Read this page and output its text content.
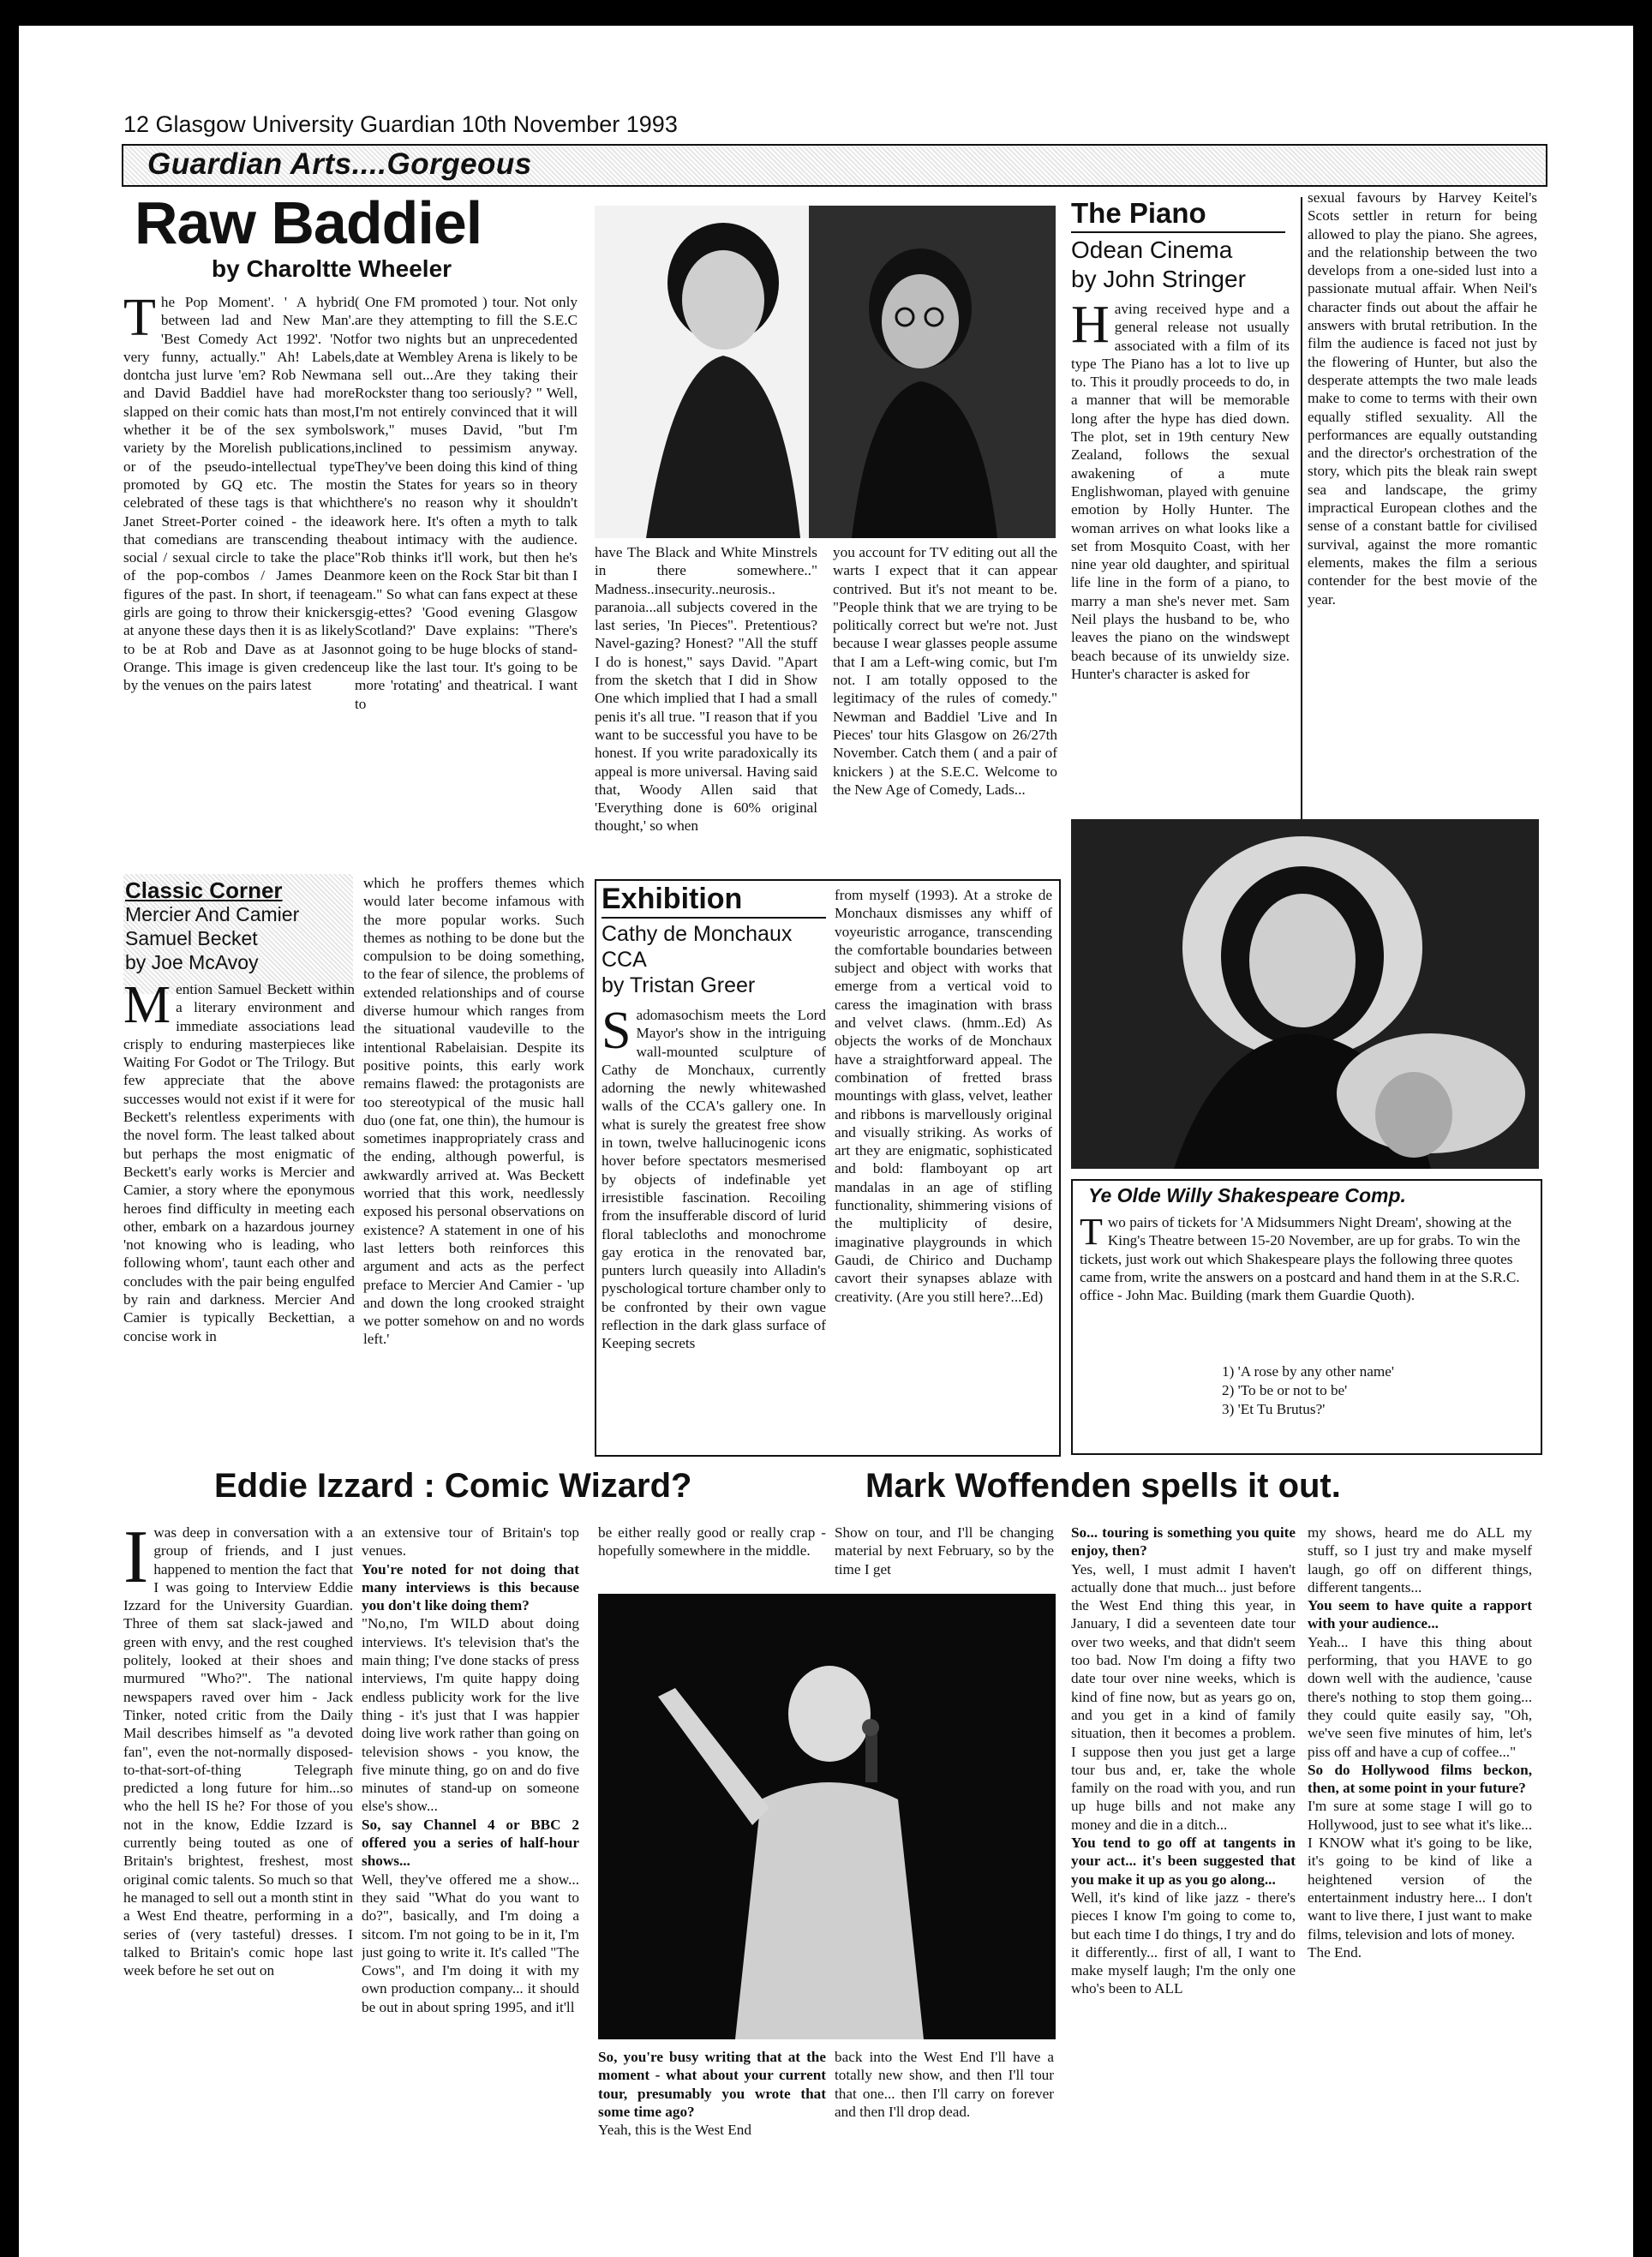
12 Glasgow University Guardian 10th November 1993
Guardian Arts....Gorgeous
Raw Baddiel
by Charoltte Wheeler
The Pop Moment'. ' A hybrid between lad and New Man'. 'Best Comedy Act 1992'. 'Not very funny, actually." Ah! Labels, dontcha just lurve 'em? Rob Newman and David Baddiel have had more slapped on their comic hats than most, whether it be of the sex symbols variety by the Morelish publications, or of the pseudo-intellectual type promoted by GQ etc. The most celebrated of these tags is that which Janet Street-Porter coined - the idea that comedians are transcending the social / sexual circle to take the place of the pop-combos / James Dean figures of the past. In short, if teenage girls are going to throw their knickers at anyone these days then it is as likely to be at Rob and Dave as at Jason Orange. This image is given credence by the venues on the pairs latest
( One FM promoted ) tour. Not only are they attempting to fill the S.E.C for two nights but an unprecedented date at Wembley Arena is likely to be a sell out...Are they taking their Rockster thang too seriously? " Well, I'm not entirely convinced that it will work," muses David, "but I'm inclined to pessimism anyway. They've been doing this kind of thing in the States for years so in theory there's no reason why it shouldn't work here. It's often a myth to talk about intimacy with the audience. "Rob thinks it'll work, but then he's more keen on the Rock Star bit than I am." So what can fans expect at these gig-ettes? 'Good evening Glasgow Scotland?' Dave explains: "There's not going to be huge blocks of stand-up like the last tour. It's going to be more 'rotating' and theatrical. I want to
have The Black and White Minstrels in there somewhere.." Madness..insecurity..neurosis.. paranoia...all subjects covered in the last series, 'In Pieces". Pretentious? Navel-gazing? Honest? "All the stuff I do is honest," says David. "Apart from the sketch that I did in Show One which implied that I had a small penis it's all true. "I reason that if you want to be successful you have to be honest. If you write paradoxically its appeal is more universal. Having said that, Woody Allen said that 'Everything done is 60% original thought,' so when
you account for TV editing out all the warts I expect that it can appear contrived. But it's not meant to be. "People think that we are trying to be politically correct but we're not. Just because I wear glasses people assume that I am a Left-wing comic, but I'm not. I am totally opposed to the legitimacy of the rules of comedy." Newman and Baddiel 'Live and In Pieces' tour hits Glasgow on 26/27th November. Catch them ( and a pair of knickers ) at the S.E.C. Welcome to the New Age of Comedy, Lads...
The Piano
Odean Cinema
by John Stringer
Having received hype and a general release not usually associated with a film of its type The Piano has a lot to live up to. This it proudly proceeds to do, in a manner that will be memorable long after the hype has died down. The plot, set in 19th century New Zealand, follows the sexual awakening of a mute Englishwoman, played with genuine emotion by Holly Hunter. The woman arrives on what looks like a set from Mosquito Coast, with her nine year old daughter, and spiritual life line in the form of a piano, to marry a man she's never met. Sam Neil plays the husband to be, who leaves the piano on the windswept beach because of its unwieldy size. Hunter's character is asked for
sexual favours by Harvey Keitel's Scots settler in return for being allowed to play the piano. She agrees, and the relationship between the two develops from a one-sided lust into a passionate mutual affair. When Neil's character finds out about the affair he answers with brutal retribution. In the film the audience is faced not just by the flowering of Hunter, but also the desperate attempts the two male leads make to come to terms with their own equally stifled sexuality. All the performances are equally outstanding and the director's orchestration of the story, which pits the bleak rain swept sea and landscape, the grimy impractical European clothes and the sense of a constant battle for civilised survival, against the more romantic elements, makes the film a serious contender for the best movie of the year.
Classic Corner
Mercier And Camier
Samuel Becket
by Joe McAvoy
Mention Samuel Beckett within a literary environment and immediate associations lead crisply to enduring masterpieces like Waiting For Godot or The Trilogy. But few appreciate that the above successes would not exist if it were for Beckett's relentless experiments with the novel form. The least talked about but perhaps the most enigmatic of Beckett's early works is Mercier and Camier, a story where the eponymous heroes find difficulty in meeting each other, embark on a hazardous journey 'not knowing who is leading, who following whom', taunt each other and concludes with the pair being engulfed by rain and darkness. Mercier And Camier is typically Beckettian, a concise work in
which he proffers themes which would later become infamous with the more popular works. Such themes as nothing to be done but the compulsion to be doing something, to the fear of silence, the problems of extended relationships and of course diverse humour which ranges from the situational vaudeville to the intentional Rabelaisian. Despite its positive points, this early work remains flawed: the protagonists are too stereotypical of the music hall duo (one fat, one thin), the humour is sometimes inappropriately crass and the ending, although powerful, is awkwardly arrived at. Was Beckett worried that this work, needlessly exposed his personal observations on existence? A statement in one of his last letters both reinforces this argument and acts as the perfect preface to Mercier And Camier - 'up and down the long crooked straight we potter somehow on and no words left.'
Exhibition
Cathy de Monchaux
CCA
by Tristan Greer
Sadomasochism meets the Lord Mayor's show in the intriguing wall-mounted sculpture of Cathy de Monchaux, currently adorning the newly whitewashed walls of the CCA's gallery one. In what is surely the greatest free show in town, twelve hallucinogenic icons hover before spectators mesmerised by objects of indefinable yet irresistible fascination. Recoiling from the insufferable discord of lurid floral tablecloths and monochrome gay erotica in the renovated bar, punters lurch queasily into Alladin's pyschological torture chamber only to be confronted by their own vague reflection in the dark glass surface of Keeping secrets
from myself (1993). At a stroke de Monchaux dismisses any whiff of voyeuristic arrogance, transcending the comfortable boundaries between subject and object with works that emerge from a vertical void to caress the imagination with brass and velvet claws. (hmm..Ed) As objects the works of de Monchaux have a straightforward appeal. The combination of fretted brass mountings with glass, velvet, leather and ribbons is marvellously original and visually striking. As works of art they are enigmatic, sophisticated and bold: flamboyant op art mandalas in an age of stifling functionality, shimmering visions of the multiplicity of desire, imaginative playgrounds in which Gaudi, de Chirico and Duchamp cavort their synapses ablaze with creativity. (Are you still here?...Ed)
Ye Olde Willy Shakespeare Comp.
Two pairs of tickets for 'A Midsummers Night Dream', showing at the King's Theatre between 15-20 November, are up for grabs. To win the tickets, just work out which Shakespeare plays the following three quotes came from, write the answers on a postcard and hand them in at the S.R.C. office - John Mac. Building (mark them Guardie Quoth).
1) 'A rose by any other name'
2) 'To be or not to be'
3) 'Et Tu Brutus?'
Eddie Izzard : Comic Wizard?	Mark Woffenden spells it out.
Iwas deep in conversation with a group of friends, and I just happened to mention the fact that I was going to Interview Eddie Izzard for the University Guardian. Three of them sat slack-jawed and green with envy, and the rest coughed politely, looked at their shoes and murmured "Who?". The national newspapers raved over him - Jack Tinker, noted critic from the Daily Mail describes himself as "a devoted fan", even the not-normally disposed-to-that-sort-of-thing Telegraph predicted a long future for him...so who the hell IS he? For those of you not in the know, Eddie Izzard is currently being touted as one of Britain's brightest, freshest, most original comic talents. So much so that he managed to sell out a month stint in a West End theatre, performing in a series of (very tasteful) dresses. I talked to Britain's comic hope last week before he set out on

an extensive tour of Britain's top venues.

You're noted for not doing that many interviews is this because you don't like doing them?

"No,no, I'm WILD about doing interviews. It's television that's the main thing; I've done stacks of press interviews, I'm quite happy doing endless publicity work for the live thing - it's just that I was happier doing live work rather than going on television shows - you know, the five minute thing, go on and do five minutes of stand-up on someone else's show...

So, say Channel 4 or BBC 2 offered you a series of half-hour shows...

Well, they've offered me a show... they said "What do you want to do?", basically, and I'm doing a sitcom. I'm not going to be in it, I'm just going to write it. It's called "The Cows", and I'm doing it with my own production company... it should be out in about spring 1995, and it'll

be either really good or really crap - hopefully somewhere in the middle.
Show on tour, and I'll be changing material by next February, so by the time I get

So, you're busy writing that at the moment - what about your current tour, presumably you wrote that some time ago?

Yeah, this is the West End

back into the West End I'll have a totally new show, and then I'll tour that one... then I'll carry on forever and then I'll drop dead.

So... touring is something you quite enjoy, then?

Yes, well, I must admit I haven't actually done that much... just before the West End thing this year, in January, I did a seventeen date tour over two weeks, and that didn't seem too bad. Now I'm doing a fifty two date tour over nine weeks, which is kind of fine now, but as years go on, and you get in a kind of family situation, then it becomes a problem. I suppose then you just get a large tour bus and, er, take the whole family on the road with you, and run up huge bills and not make any money and die in a ditch...

You tend to go off at tangents in your act... it's been suggested that you make it up as you go along...

Well, it's kind of like jazz - there's pieces I know I'm going to come to, but each time I do things, I try and do it differently... first of all, I want to make myself laugh; I'm the only one who's been to ALL

my shows, heard me do ALL my stuff, so I just try and make myself laugh, go off on different things, different tangents...

You seem to have quite a rapport with your audience...

Yeah... I have this thing about performing, that you HAVE to go down well with the audience, 'cause there's nothing to stop them going... they could quite easily say, "Oh, we've seen five minutes of him, let's piss off and have a cup of coffee..."

So do Hollywood films beckon, then, at some point in your future?

I'm sure at some stage I will go to Hollywood, just to see what it's like... I KNOW what it's going to be like, it's going to be kind of like a heightened version of the entertainment industry here... I don't want to live there, I just want to make films, television and lots of money.

The End.
